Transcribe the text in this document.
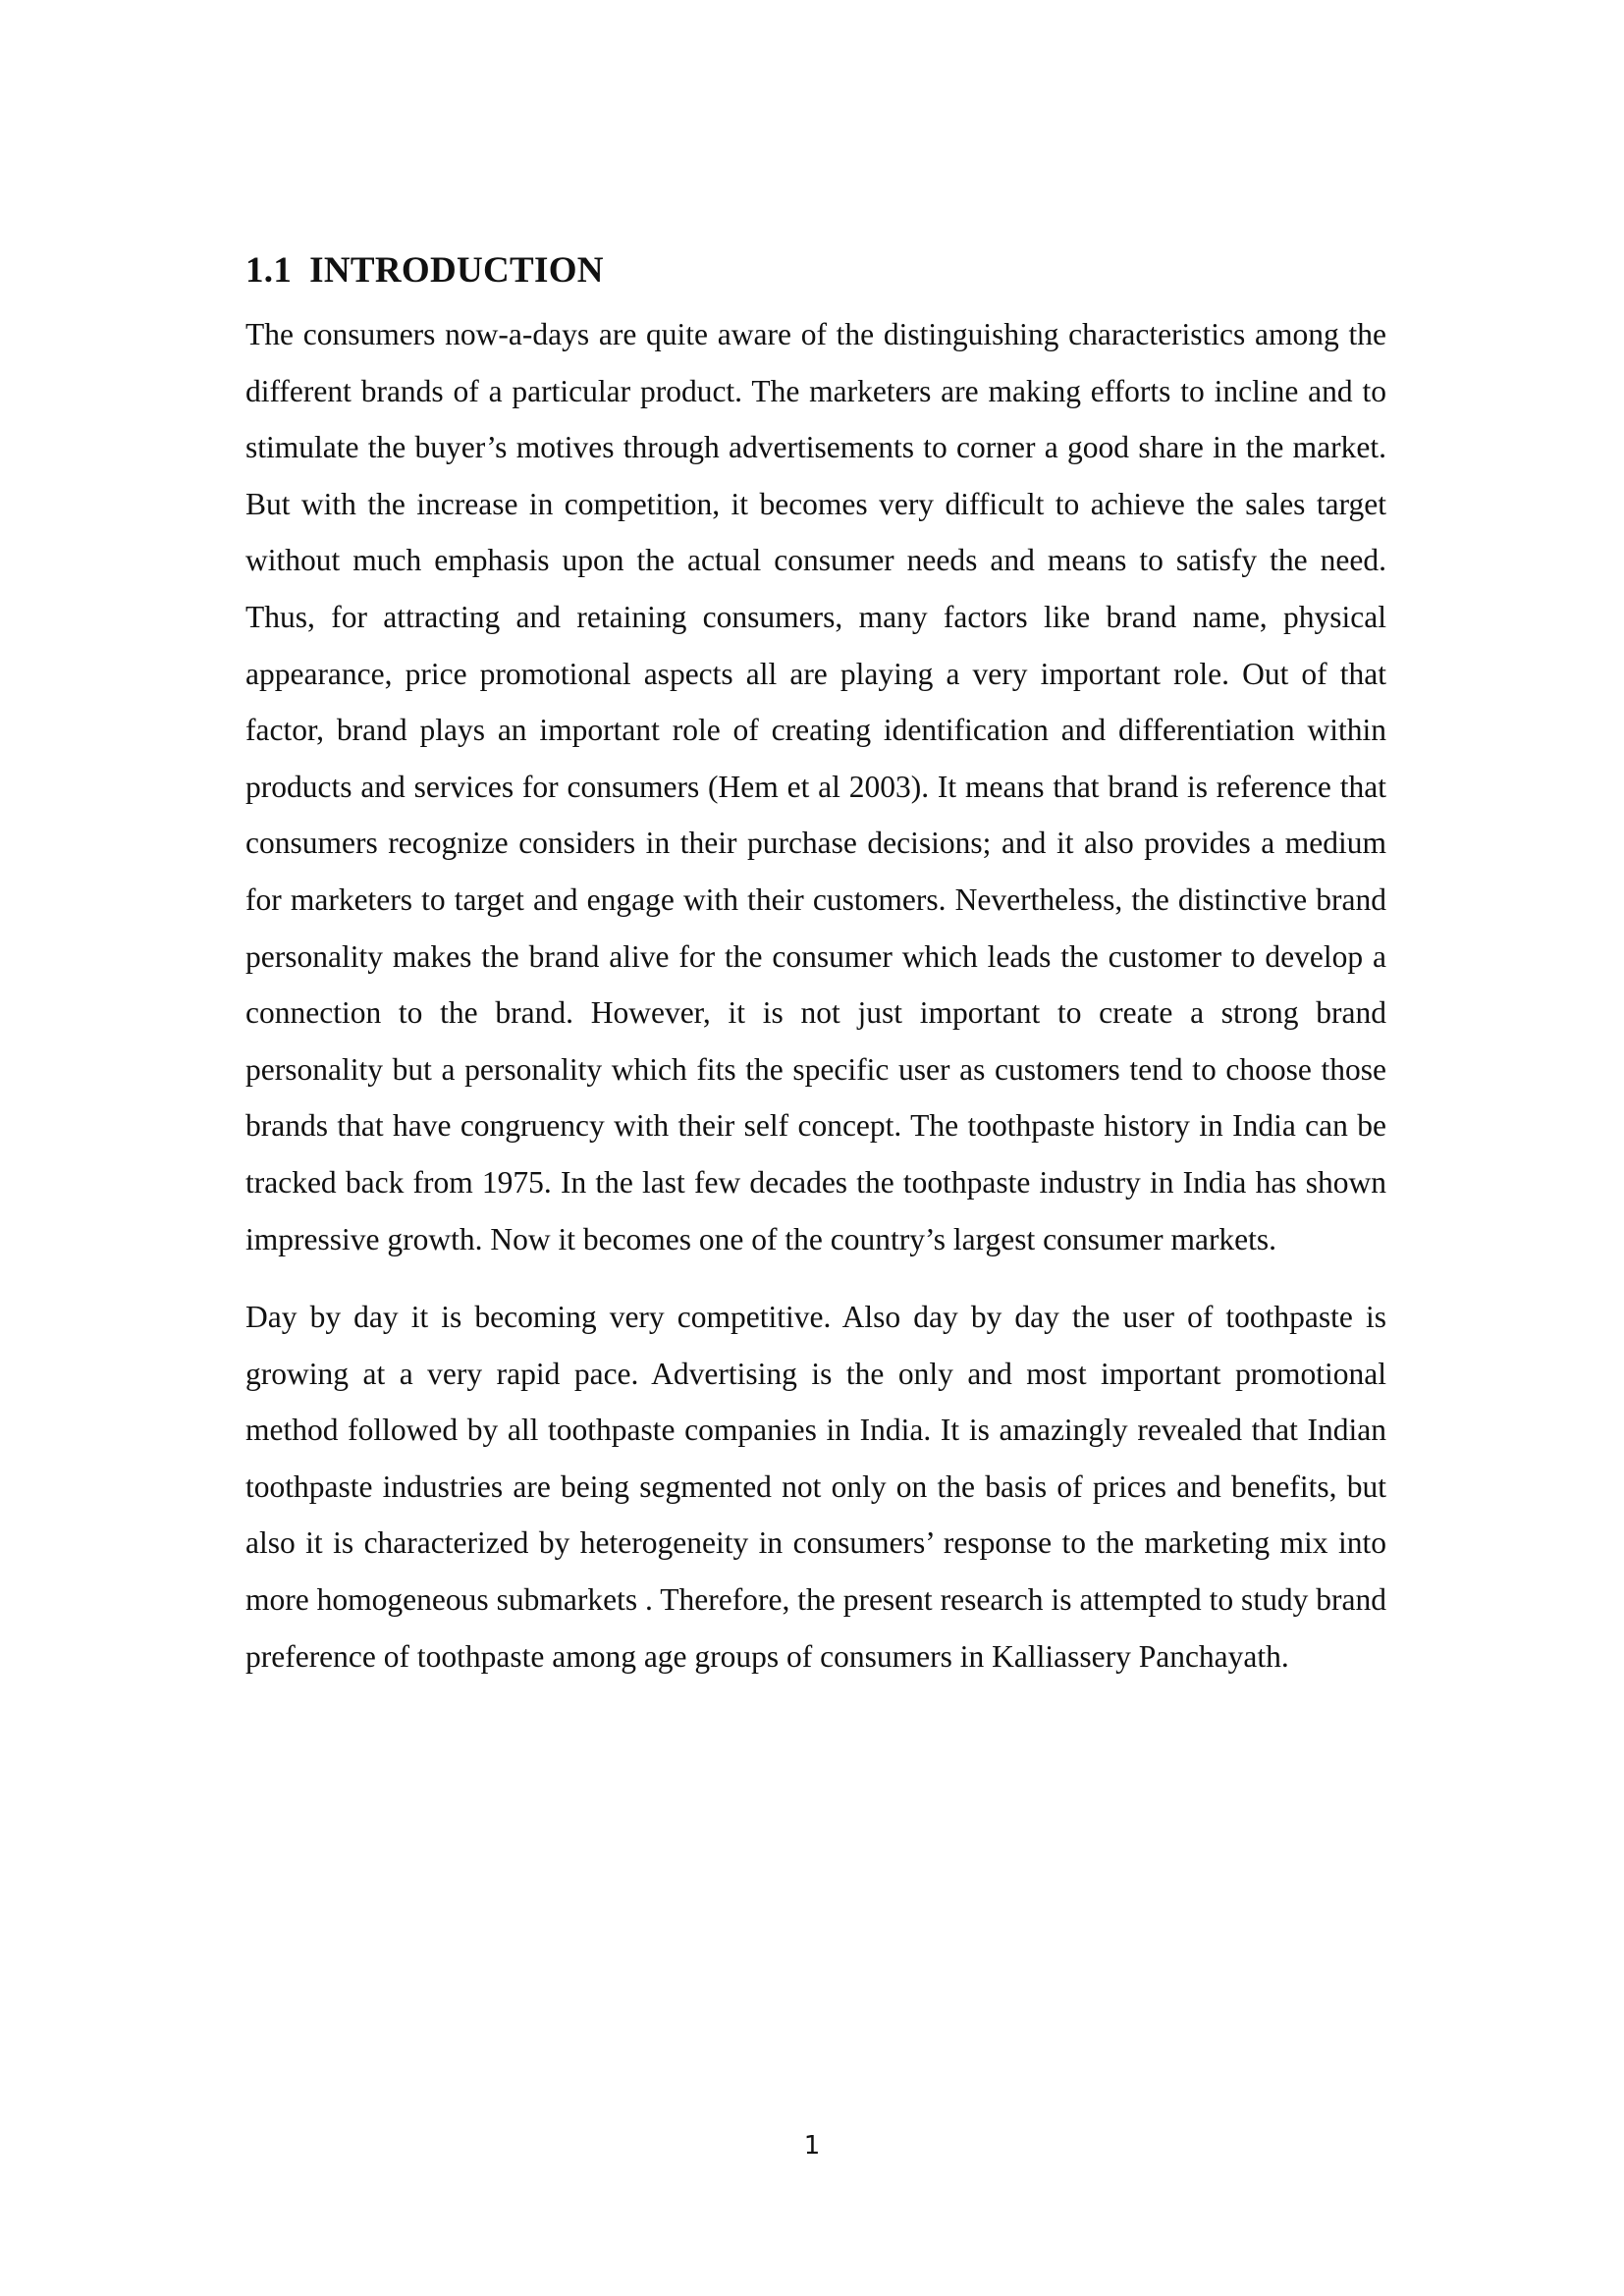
1.1 INTRODUCTION

The consumers now-a-days are quite aware of the distinguishing characteristics among the different brands of a particular product. The marketers are making efforts to incline and to stimulate the buyer’s motives through advertisements to corner a good share in the market. But with the increase in competition, it becomes very difficult to achieve the sales target without much emphasis upon the actual consumer needs and means to satisfy the need. Thus, for attracting and retaining consumers, many factors like brand name, physical appearance, price promotional aspects all are playing a very important role. Out of that factor, brand plays an important role of creating identification and differentiation within products and services for consumers (Hem et al 2003). It means that brand is reference that consumers recognize considers in their purchase decisions; and it also provides a medium for marketers to target and engage with their customers. Nevertheless, the distinctive brand personality makes the brand alive for the consumer which leads the customer to develop a connection to the brand. However, it is not just important to create a strong brand personality but a personality which fits the specific user as customers tend to choose those brands that have congruency with their self concept. The toothpaste history in India can be tracked back from 1975. In the last few decades the toothpaste industry in India has shown impressive growth. Now it becomes one of the country’s largest consumer markets.

Day by day it is becoming very competitive. Also day by day the user of toothpaste is growing at a very rapid pace. Advertising is the only and most important promotional method followed by all toothpaste companies in India. It is amazingly revealed that Indian toothpaste industries are being segmented not only on the basis of prices and benefits, but also it is characterized by heterogeneity in consumers’ response to the marketing mix into more homogeneous submarkets . Therefore, the present research is attempted to study brand preference of toothpaste among age groups of consumers in Kalliassery Panchayath.

1
